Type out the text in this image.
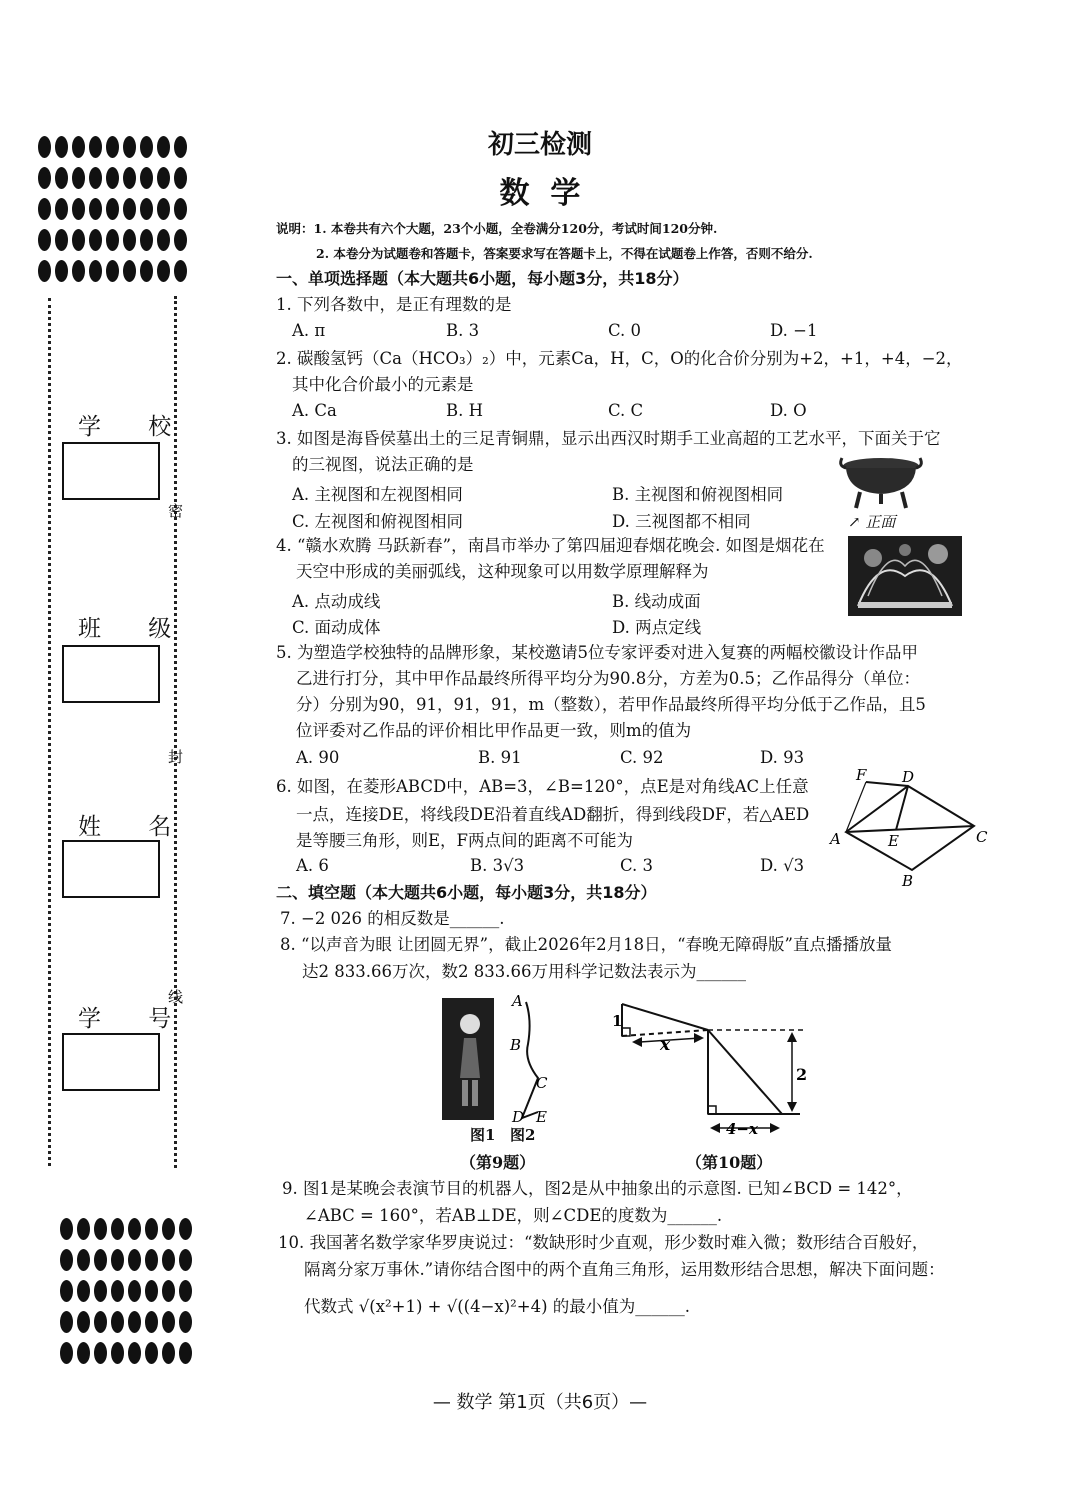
学 校
班 级
姓 名
学 号
密
封
线
初三检测
数  学
说明：1. 本卷共有六个大题，23个小题，全卷满分120分，考试时间120分钟.
2. 本卷分为试题卷和答题卡，答案要求写在答题卡上，不得在试题卷上作答，否则不给分.
一、单项选择题（本大题共6小题，每小题3分，共18分）
1. 下列各数中，是正有理数的是
A. π	B. 3	C. 0	D. −1
2. 碳酸氢钙（Ca（HCO₃）₂）中，元素Ca，H，C，O的化合价分别为+2，+1，+4，−2，
其中化合价最小的元素是
A. Ca	B. H	C. C	D. O
3. 如图是海昏侯墓出土的三足青铜鼎，显示出西汉时期手工业高超的工艺水平，下面关于它
的三视图，说法正确的是
A. 主视图和左视图相同	B. 主视图和俯视图相同
C. 左视图和俯视图相同	D. 三视图都不相同	↗ 正面
4. “赣水欢腾 马跃新春”，南昌市举办了第四届迎春烟花晚会. 如图是烟花在
天空中形成的美丽弧线，这种现象可以用数学原理解释为
A. 点动成线	B. 线动成面
C. 面动成体	D. 两点定线
5. 为塑造学校独特的品牌形象，某校邀请5位专家评委对进入复赛的两幅校徽设计作品甲
乙进行打分，其中甲作品最终所得平均分为90.8分，方差为0.5；乙作品得分（单位：
分）分别为90，91，91，91，m（整数），若甲作品最终所得平均分低于乙作品，且5
位评委对乙作品的评价相比甲作品更一致，则m的值为
A. 90	B. 91	C. 92	D. 93
6. 如图，在菱形ABCD中，AB=3，∠B=120°，点E是对角线AC上任意
一点，连接DE，将线段DE沿着直线AD翻折，得到线段DF，若△AED
是等腰三角形，则E，F两点间的距离不可能为
A. 6	B. 3√3	C. 3	D. √3
F D
A	E	C
B
二、填空题（本大题共6小题，每小题3分，共18分）
7. −2 026 的相反数是______.
8. “以声音为眼 让团圆无界”，截止2026年2月18日，“春晚无障碍版”直点播播放量
达2 833.66万次，数2 833.66万用科学记数法表示为______
A
B
C
D E
图1 图2
（第9题）
1
x
2
4−x
（第10题）
9. 图1是某晚会表演节目的机器人，图2是从中抽象出的示意图. 已知∠BCD = 142°，
∠ABC = 160°，若AB⊥DE，则∠CDE的度数为______.
10. 我国著名数学家华罗庚说过：“数缺形时少直观，形少数时难入微；数形结合百般好，
隔离分家万事休.”请你结合图中的两个直角三角形，运用数形结合思想，解决下面问题：
代数式 √(x²+1) + √((4−x)²+4) 的最小值为______.
— 数学 第1页（共6页）—
